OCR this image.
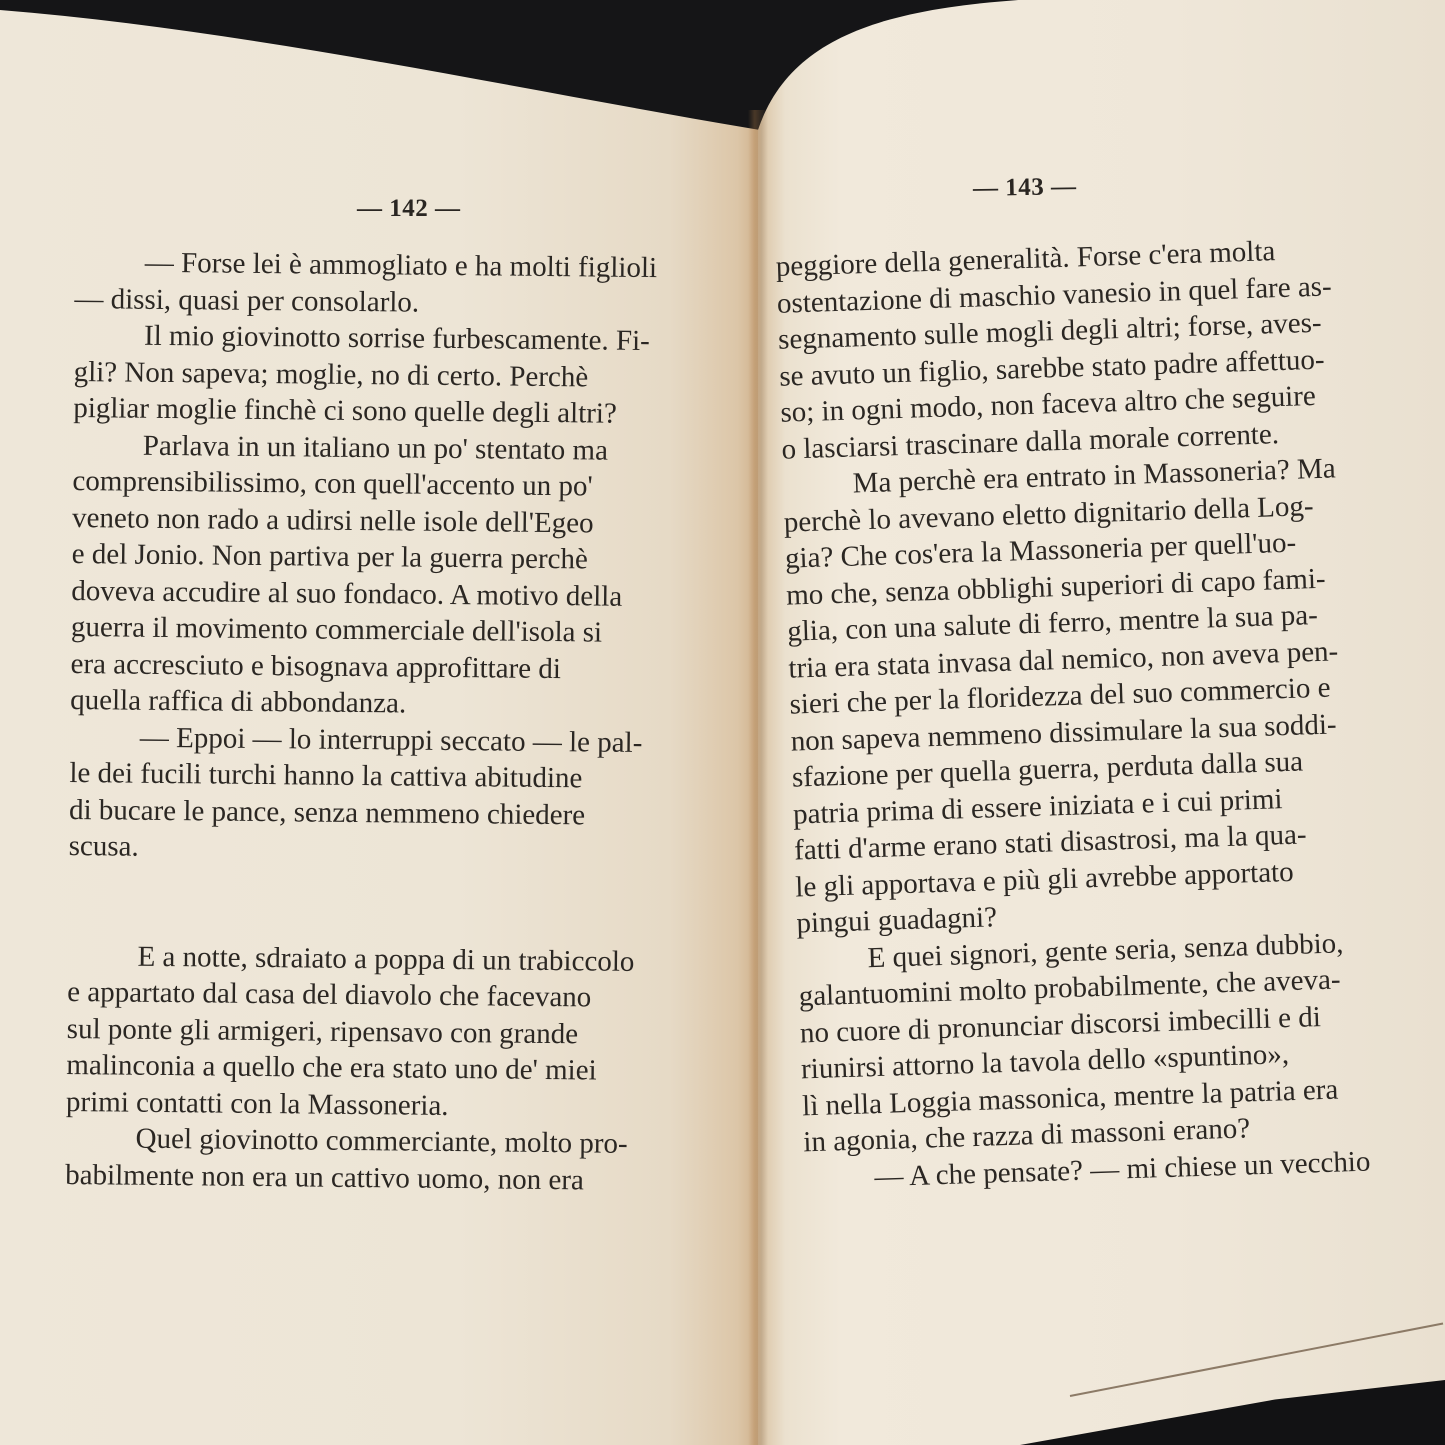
— 142 —
— 143 —
— Forse lei è ammogliato e ha molti figlioli
— dissi, quasi per consolarlo.
Il mio giovinotto sorrise furbescamente. Fi-
gli? Non sapeva; moglie, no di certo. Perchè
pigliar moglie finchè ci sono quelle degli altri?
Parlava in un italiano un po' stentato ma
comprensibilissimo, con quell'accento un po'
veneto non rado a udirsi nelle isole dell'Egeo
e del Jonio. Non partiva per la guerra perchè
doveva accudire al suo fondaco. A motivo della
guerra il movimento commerciale dell'isola si
era accresciuto e bisognava approfittare di
quella raffica di abbondanza.
— Eppoi — lo interruppi seccato — le pal-
le dei fucili turchi hanno la cattiva abitudine
di bucare le pance, senza nemmeno chiedere
scusa.
E a notte, sdraiato a poppa di un trabiccolo
e appartato dal casa del diavolo che facevano
sul ponte gli armigeri, ripensavo con grande
malinconia a quello che era stato uno de' miei
primi contatti con la Massoneria.
Quel giovinotto commerciante, molto pro-
babilmente non era un cattivo uomo, non era
peggiore della generalità. Forse c'era molta
ostentazione di maschio vanesio in quel fare as-
segnamento sulle mogli degli altri; forse, aves-
se avuto un figlio, sarebbe stato padre affettuo-
so; in ogni modo, non faceva altro che seguire
o lasciarsi trascinare dalla morale corrente.
Ma perchè era entrato in Massoneria? Ma
perchè lo avevano eletto dignitario della Log-
gia? Che cos'era la Massoneria per quell'uo-
mo che, senza obblighi superiori di capo fami-
glia, con una salute di ferro, mentre la sua pa-
tria era stata invasa dal nemico, non aveva pen-
sieri che per la floridezza del suo commercio e
non sapeva nemmeno dissimulare la sua soddi-
sfazione per quella guerra, perduta dalla sua
patria prima di essere iniziata e i cui primi
fatti d'arme erano stati disastrosi, ma la qua-
le gli apportava e più gli avrebbe apportato
pingui guadagni?
E quei signori, gente seria, senza dubbio,
galantuomini molto probabilmente, che aveva-
no cuore di pronunciar discorsi imbecilli e di
riunirsi attorno la tavola dello «spuntino»,
lì nella Loggia massonica, mentre la patria era
in agonia, che razza di massoni erano?
— A che pensate? — mi chiese un vecchio
